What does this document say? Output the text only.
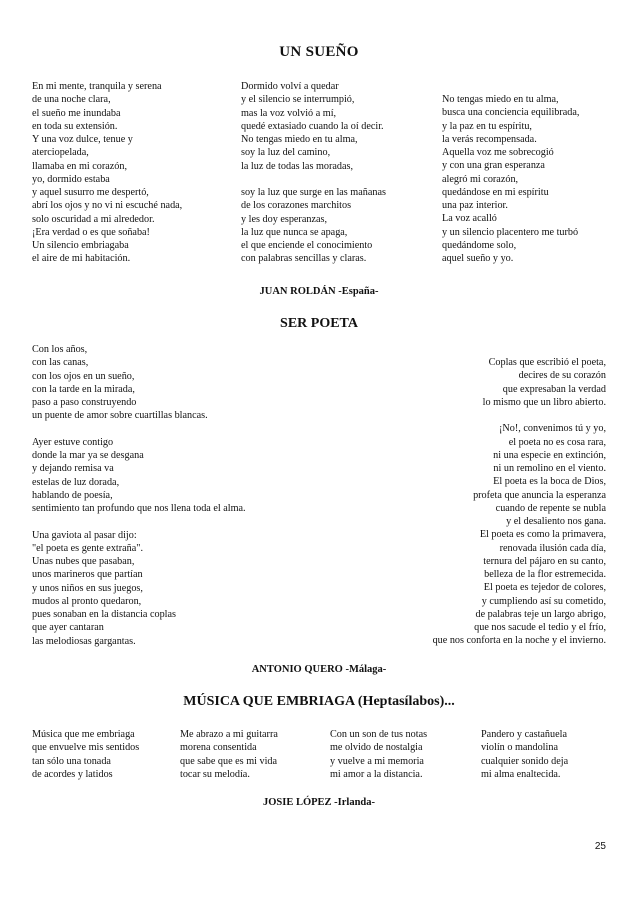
UN SUEÑO
En mi mente, tranquila y serena
de una noche clara,
el sueño me inundaba
en toda su extensión.
Y una voz dulce, tenue y
aterciopelada,
llamaba en mi corazón,
yo, dormido estaba
y aquel susurro me despertó,
abrí los ojos y no vi ni escuché nada,
solo oscuridad a mi alrededor.
¡Era verdad o es que soñaba!
Un silencio embriagaba
el aire de mi habitación.
Dormido volví a quedar
y el silencio se interrumpió,
mas la voz volvió a mí,
quedé extasiado cuando la oí decir.
No tengas miedo en tu alma,
soy la luz del camino,
la luz de todas las moradas,
soy la luz que surge en las mañanas
de los corazones marchitos
y les doy esperanzas,
la luz que nunca se apaga,
el que enciende el conocimiento
con palabras sencillas y claras.
No tengas miedo en tu alma,
busca una conciencia equilibrada,
y la paz en tu espíritu,
la verás recompensada.
Aquella voz me sobrecogió
y con una gran esperanza
alegró mi corazón,
quedándose en mi espíritu
una paz interior.
La voz acalló
y un silencio placentero me turbó
quedándome solo,
aquel sueño y yo.
JUAN ROLDÁN -España-
SER POETA
Con los años,
con las canas,
con los ojos en un sueño,
con la tarde en la mirada,
paso a paso construyendo
un puente de amor sobre cuartillas blancas.
Ayer estuve contigo
donde la mar ya se desgana
y dejando remisa va
estelas de luz dorada,
hablando de poesía,
sentimiento tan profundo que nos llena toda el alma.
Una gaviota al pasar dijo:
"el poeta es gente extraña".
Unas nubes que pasaban,
unos marineros que partían
y unos niños en sus juegos,
mudos al pronto quedaron,
pues sonaban en la distancia coplas
que ayer cantaran
las melodiosas gargantas.
Coplas que escribió el poeta,
decires de su corazón
que expresaban la verdad
lo mismo que un libro abierto.
¡No!, convenimos tú y yo,
el poeta no es cosa rara,
ni una especie en extinción,
ni un remolino en el viento.
El poeta es la boca de Dios,
profeta que anuncia la esperanza
cuando de repente se nubla
y el desaliento nos gana.
El poeta es como la primavera,
renovada ilusión cada día,
ternura del pájaro en su canto,
belleza de la flor estremecida.
El poeta es tejedor de colores,
y cumpliendo así su cometido,
de palabras teje un largo abrigo,
que nos sacude el tedio y el frío,
que nos conforta en la noche y el invierno.
ANTONIO QUERO -Málaga-
MÚSICA QUE EMBRIAGA (Heptasílabos)...
Música que me embriaga
que envuelve mis sentidos
tan sólo una tonada
de acordes y latidos
Me abrazo a mi guitarra
morena consentida
que sabe que es mi vida
tocar su melodía.
Con un son de tus notas
me olvido de nostalgia
y vuelve a mi memoria
mi amor a la distancia.
Pandero y castañuela
violín o mandolina
cualquier sonido deja
mi alma enaltecida.
JOSIE LÓPEZ -Irlanda-
25
